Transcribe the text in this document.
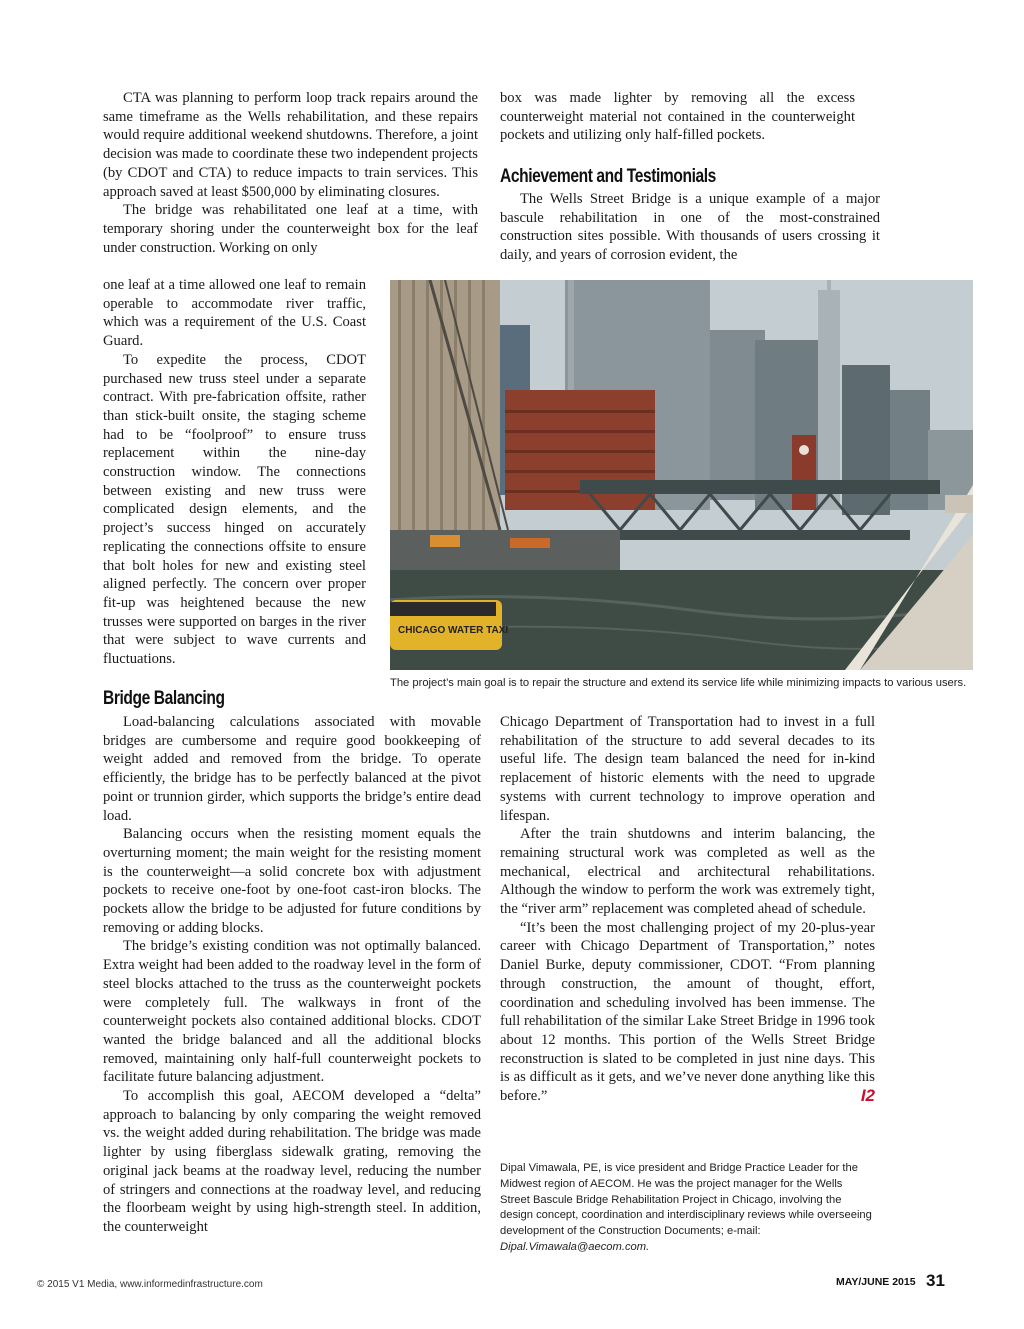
CTA was planning to perform loop track repairs around the same timeframe as the Wells rehabilitation, and these repairs would require additional weekend shutdowns. Therefore, a joint decision was made to coordinate these two independent projects (by CDOT and CTA) to reduce impacts to train services. This approach saved at least $500,000 by eliminating closures.

The bridge was rehabilitated one leaf at a time, with temporary shoring under the counterweight box for the leaf under construction. Working on only

one leaf at a time allowed one leaf to remain operable to accommodate river traffic, which was a requirement of the U.S. Coast Guard.

To expedite the process, CDOT purchased new truss steel under a separate contract. With pre-fabrication offsite, rather than stick-built onsite, the staging scheme had to be “foolproof” to ensure truss replacement within the nine-day construction window. The connections between existing and new truss were complicated design elements, and the project’s success hinged on accurately replicating the connections offsite to ensure that bolt holes for new and existing steel aligned perfectly. The concern over proper fit-up was heightened because the new trusses were supported on barges in the river that were subject to wave currents and fluctuations.

box was made lighter by removing all the excess counterweight material not contained in the counterweight pockets and utilizing only half-filled pockets.

Achievement and Testimonials

The Wells Street Bridge is a unique example of a major bascule rehabilitation in one of the most-constrained construction sites possible. With thousands of users crossing it daily, and years of corrosion evident, the

CHICAGO WATER TAXI
The project’s main goal is to repair the structure and extend its service life while minimizing impacts to various users.
Bridge Balancing

Load-balancing calculations associated with movable bridges are cumbersome and require good bookkeeping of weight added and removed from the bridge. To operate efficiently, the bridge has to be perfectly balanced at the pivot point or trunnion girder, which supports the bridge’s entire dead load.

Balancing occurs when the resisting moment equals the overturning moment; the main weight for the resisting moment is the counterweight—a solid concrete box with adjustment pockets to receive one-foot by one-foot cast-iron blocks. The pockets allow the bridge to be adjusted for future conditions by removing or adding blocks.

The bridge’s existing condition was not optimally balanced. Extra weight had been added to the roadway level in the form of steel blocks attached to the truss as the counterweight pockets were completely full. The walkways in front of the counterweight pockets also contained additional blocks. CDOT wanted the bridge balanced and all the additional blocks removed, maintaining only half-full counterweight pockets to facilitate future balancing adjustment.

To accomplish this goal, AECOM developed a “delta” approach to balancing by only comparing the weight removed vs. the weight added during rehabilitation. The bridge was made lighter by using fiberglass sidewalk grating, removing the original jack beams at the roadway level, reducing the number of stringers and connections at the roadway level, and reducing the floorbeam weight by using high-strength steel. In addition, the counterweight

Chicago Department of Transportation had to invest in a full rehabilitation of the structure to add several decades to its useful life. The design team balanced the need for in-kind replacement of historic elements with the need to upgrade systems with current technology to improve operation and lifespan.

After the train shutdowns and interim balancing, the remaining structural work was completed as well as the mechanical, electrical and architectural rehabilitations. Although the window to perform the work was extremely tight, the “river arm” replacement was completed ahead of schedule.

“It’s been the most challenging project of my 20-plus-year career with Chicago Department of Transportation,” notes Daniel Burke, deputy commissioner, CDOT. “From planning through construction, the amount of thought, effort, coordination and scheduling involved has been immense. The full rehabilitation of the similar Lake Street Bridge in 1996 took about 12 months. This portion of the Wells Street Bridge reconstruction is slated to be completed in just nine days. This is as difficult as it gets, and we’ve never done anything like this before.”	I2

Dipal Vimawala, PE, is vice president and Bridge Practice Leader for the Midwest region of AECOM. He was the project manager for the Wells Street Bascule Bridge Rehabilitation Project in Chicago, involving the design concept, coordination and interdisciplinary reviews while overseeing development of the Construction Documents; e-mail: Dipal.Vimawala@aecom.com.
© 2015 V1 Media, www.informedinfrastructure.com	MAY/JUNE 2015 31
